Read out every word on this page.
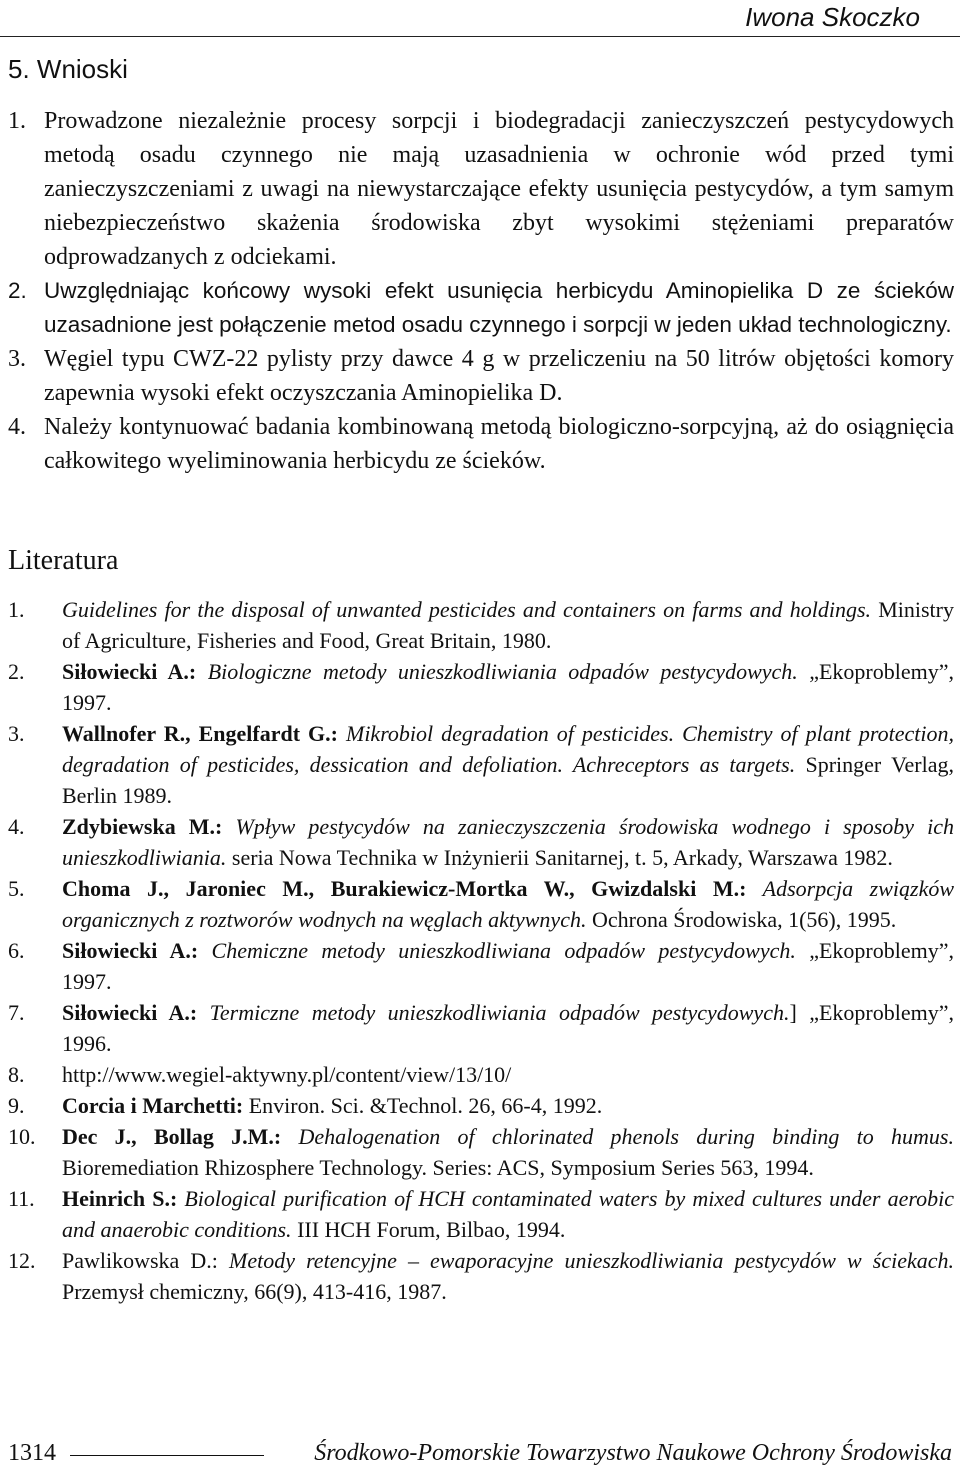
Iwona Skoczko
5. Wnioski
1. Prowadzone niezależnie procesy sorpcji i biodegradacji zanieczyszczeń pestycydowych metodą osadu czynnego nie mają uzasadnienia w ochronie wód przed tymi zanieczyszczeniami z uwagi na niewystarczające efekty usunięcia pestycydów, a tym samym niebezpieczeństwo skażenia środowiska zbyt wysokimi stężeniami preparatów odprowadzanych z odciekami.
2. Uwzględniając końcowy wysoki efekt usunięcia herbicydu Aminopielika D ze ścieków uzasadnione jest połączenie metod osadu czynnego i sorpcji w jeden układ technologiczny.
3. Węgiel typu CWZ-22 pylisty przy dawce 4 g w przeliczeniu na 50 litrów objętości komory zapewnia wysoki efekt oczyszczania Aminopielika D.
4. Należy kontynuować badania kombinowaną metodą biologiczno-sorpcyjną, aż do osiągnięcia całkowitego wyeliminowania herbicydu ze ścieków.
Literatura
1. Guidelines for the disposal of unwanted pesticides and containers on farms and holdings. Ministry of Agriculture, Fisheries and Food, Great Britain, 1980.
2. Siłowiecki A.: Biologiczne metody unieszkodliwiania odpadów pestycydowych. „Ekoproblemy”, 1997.
3. Wallnofer R., Engelfardt G.: Mikrobiol degradation of pesticides. Chemistry of plant protection, degradation of pesticides, dessication and defoliation. Achreceptors as targets. Springer Verlag, Berlin 1989.
4. Zdybiewska M.: Wpływ pestycydów na zanieczyszczenia środowiska wodnego i sposoby ich unieszkodliwiania. seria Nowa Technika w Inżynierii Sanitarnej, t. 5, Arkady, Warszawa 1982.
5. Choma J., Jaroniec M., Burakiewicz-Mortka W., Gwizdalski M.: Adsorpcja związków organicznych z roztworów wodnych na węglach aktywnych. Ochrona Środowiska, 1(56), 1995.
6. Siłowiecki A.: Chemiczne metody unieszkodliwiana odpadów pestycydowych. „Ekoproblemy”, 1997.
7. Siłowiecki A.: Termiczne metody unieszkodliwiania odpadów pestycydowych.] „Ekoproblemy”, 1996.
8. http://www.wegiel-aktywny.pl/content/view/13/10/
9. Corcia i Marchetti: Environ. Sci. &Technol. 26, 66-4, 1992.
10. Dec J., Bollag J.M.: Dehalogenation of chlorinated phenols during binding to humus. Bioremediation Rhizosphere Technology. Series: ACS, Symposium Series 563, 1994.
11. Heinrich S.: Biological purification of HCH contaminated waters by mixed cultures under aerobic and anaerobic conditions. III HCH Forum, Bilbao, 1994.
12. Pawlikowska D.: Metody retencyjne – ewaporacyjne unieszkodliwiania pestycydów w ściekach. Przemysł chemiczny, 66(9), 413-416, 1987.
1314	Środkowo-Pomorskie Towarzystwo Naukowe Ochrony Środowiska
